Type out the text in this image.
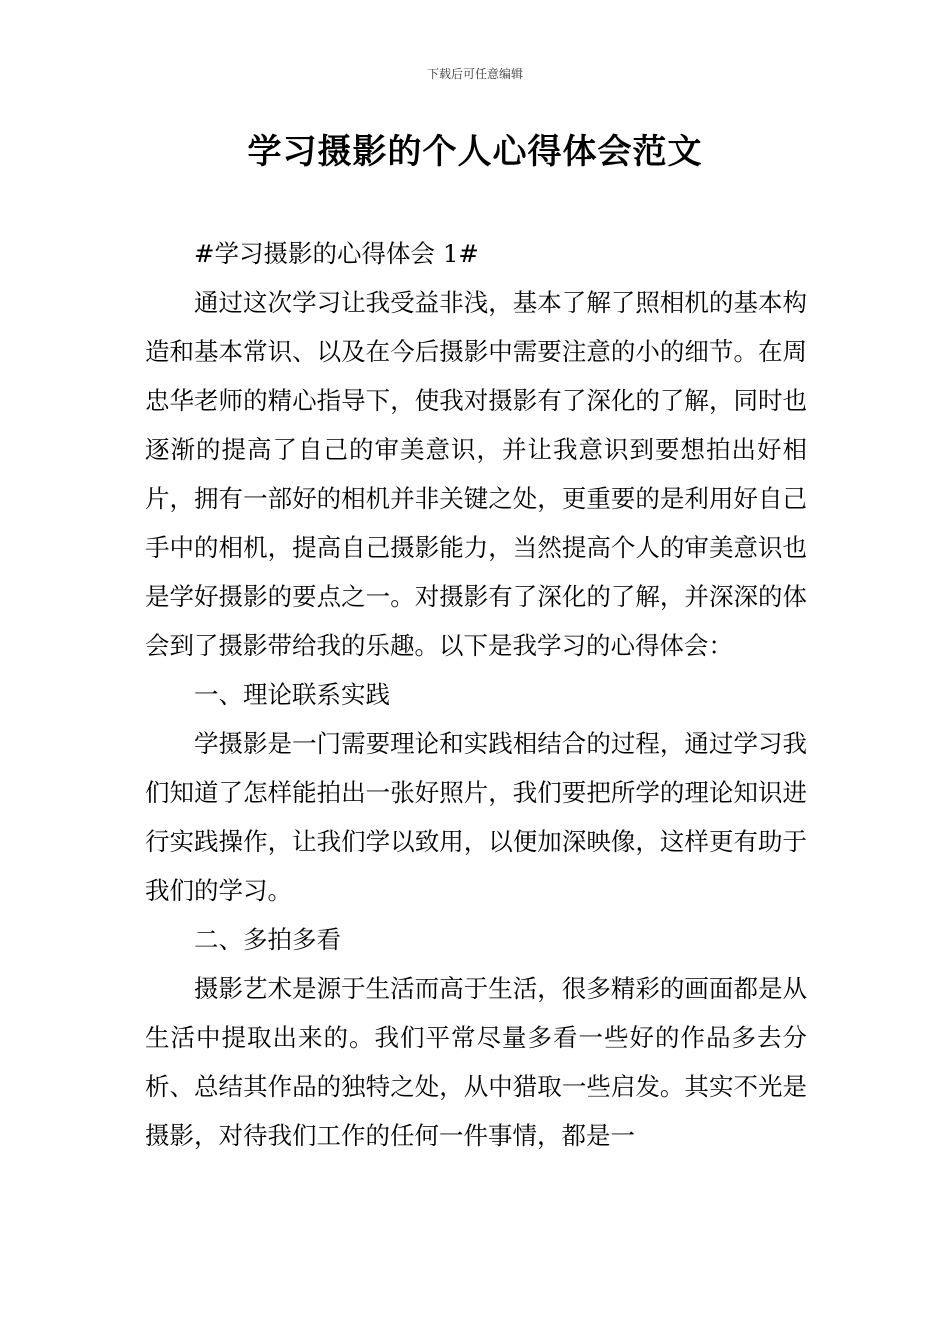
下载后可任意编辑
学习摄影的个人心得体会范文

#学习摄影的心得体会 1#

通过这次学习让我受益非浅，基本了解了照相机的基本构造和基本常识、以及在今后摄影中需要注意的小的细节。在周忠华老师的精心指导下，使我对摄影有了深化的了解，同时也逐渐的提高了自己的审美意识，并让我意识到要想拍出好相片，拥有一部好的相机并非关键之处，更重要的是利用好自己手中的相机，提高自己摄影能力，当然提高个人的审美意识也是学好摄影的要点之一。对摄影有了深化的了解，并深深的体会到了摄影带给我的乐趣。以下是我学习的心得体会：

一、理论联系实践

学摄影是一门需要理论和实践相结合的过程，通过学习我们知道了怎样能拍出一张好照片，我们要把所学的理论知识进行实践操作，让我们学以致用，以便加深映像，这样更有助于我们的学习。

二、多拍多看

摄影艺术是源于生活而高于生活，很多精彩的画面都是从生活中提取出来的。我们平常尽量多看一些好的作品多去分析、总结其作品的独特之处，从中猎取一些启发。其实不光是摄影，对待我们工作的任何一件事情，都是一
